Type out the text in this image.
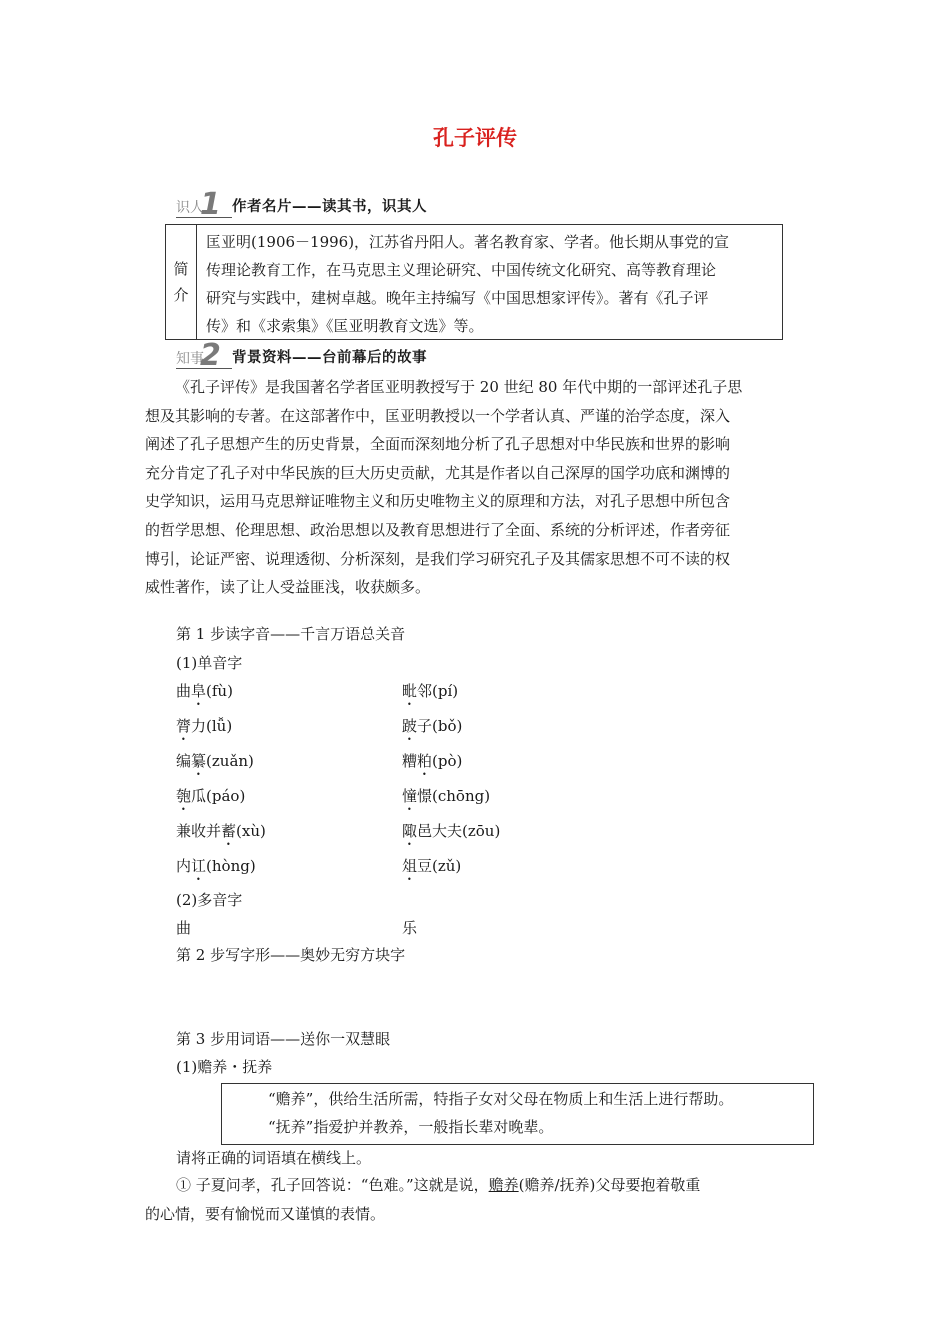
孔子评传
识人
1 作者名片——读其书，识其人
简
介
匡亚明(1906－1996)，江苏省丹阳人。著名教育家、学者。他长期从事党的宣
传理论教育工作，在马克思主义理论研究、中国传统文化研究、高等教育理论
研究与实践中，建树卓越。晚年主持编写《中国思想家评传》。著有《孔子评
传》和《求索集》《匡亚明教育文选》等。
知事
2 背景资料——台前幕后的故事
《孔子评传》是我国著名学者匡亚明教授写于 20 世纪 80 年代中期的一部评述孔子思
想及其影响的专著。在这部著作中，匡亚明教授以一个学者认真、严谨的治学态度，深入
阐述了孔子思想产生的历史背景，全面而深刻地分析了孔子思想对中华民族和世界的影响
充分肯定了孔子对中华民族的巨大历史贡献，尤其是作者以自己深厚的国学功底和渊博的
史学知识，运用马克思辩证唯物主义和历史唯物主义的原理和方法，对孔子思想中所包含
的哲学思想、伦理思想、政治思想以及教育思想进行了全面、系统的分析评述，作者旁征
博引，论证严密、说理透彻、分析深刻，是我们学习研究孔子及其儒家思想不可不读的权
威性著作，读了让人受益匪浅，收获颇多。
第 1 步读字音——千言万语总关音
(1)单音字
曲阜(fù)	毗邻(pí)
膂力(lǚ)	跛子(bǒ)
编纂(zuǎn)	糟粕(pò)
匏瓜(páo)	憧憬(chōng)
兼收并蓄(xù)	陬邑大夫(zōu)
内讧(hòng)	俎豆(zǔ)
(2)多音字
曲	乐
第 2 步写字形——奥妙无穷方块字
第 3 步用词语——送你一双慧眼
(1)赡养・抚养
“赡养”，供给生活所需，特指子女对父母在物质上和生活上进行帮助。
“抚养”指爱护并教养，一般指长辈对晚辈。
请将正确的词语填在横线上。
① 子夏问孝，孔子回答说：“色难。”这就是说，赡养(赡养/抚养)父母要抱着敬重
的心情，要有愉悦而又谨慎的表情。
